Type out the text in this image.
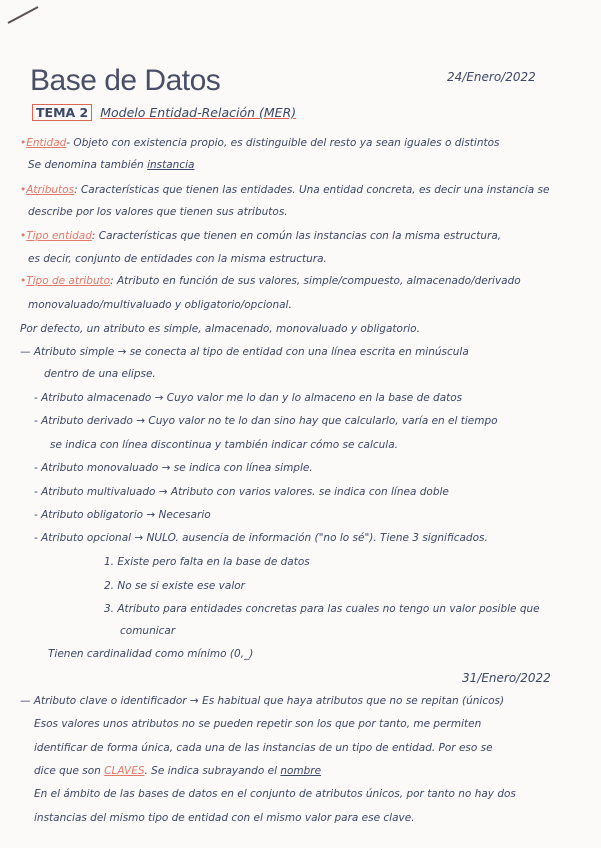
Base de Datos	24/Enero/2022
TEMA 2 Modelo Entidad-Relación (MER)
•Entidad- Objeto con existencia propio, es distinguible del resto ya sean iguales o distintos
Se denomina también instancia
•Atributos: Características que tienen las entidades. Una entidad concreta, es decir una instancia se
describe por los valores que tienen sus atributos.
•Tipo entidad: Características que tienen en común las instancias con la misma estructura,
es decir, conjunto de entidades con la misma estructura.
•Tipo de atributo: Atributo en función de sus valores, simple/compuesto, almacenado/derivado
monovaluado/multivaluado y obligatorio/opcional.
Por defecto, un atributo es simple, almacenado, monovaluado y obligatorio.
— Atributo simple → se conecta al tipo de entidad con una línea escrita en minúscula
dentro de una elipse.
- Atributo almacenado → Cuyo valor me lo dan y lo almaceno en la base de datos
- Atributo derivado → Cuyo valor no te lo dan sino hay que calcularlo, varía en el tiempo
se indica con línea discontinua y también indicar cómo se calcula.
- Atributo monovaluado → se indica con línea simple.
- Atributo multivaluado → Atributo con varios valores. se indica con línea doble
- Atributo obligatorio → Necesario
- Atributo opcional → NULO. ausencia de información ("no lo sé"). Tiene 3 significados.
1. Existe pero falta en la base de datos
2. No se si existe ese valor
3. Atributo para entidades concretas para las cuales no tengo un valor posible que
comunicar
Tienen cardinalidad como mínimo (0,_)
31/Enero/2022
— Atributo clave o identificador → Es habitual que haya atributos que no se repitan (únicos)
Esos valores unos atributos no se pueden repetir son los que por tanto, me permiten
identificar de forma única, cada una de las instancias de un tipo de entidad. Por eso se
dice que son CLAVES. Se indica subrayando el nombre
En el ámbito de las bases de datos en el conjunto de atributos únicos, por tanto no hay dos
instancias del mismo tipo de entidad con el mismo valor para ese clave.
